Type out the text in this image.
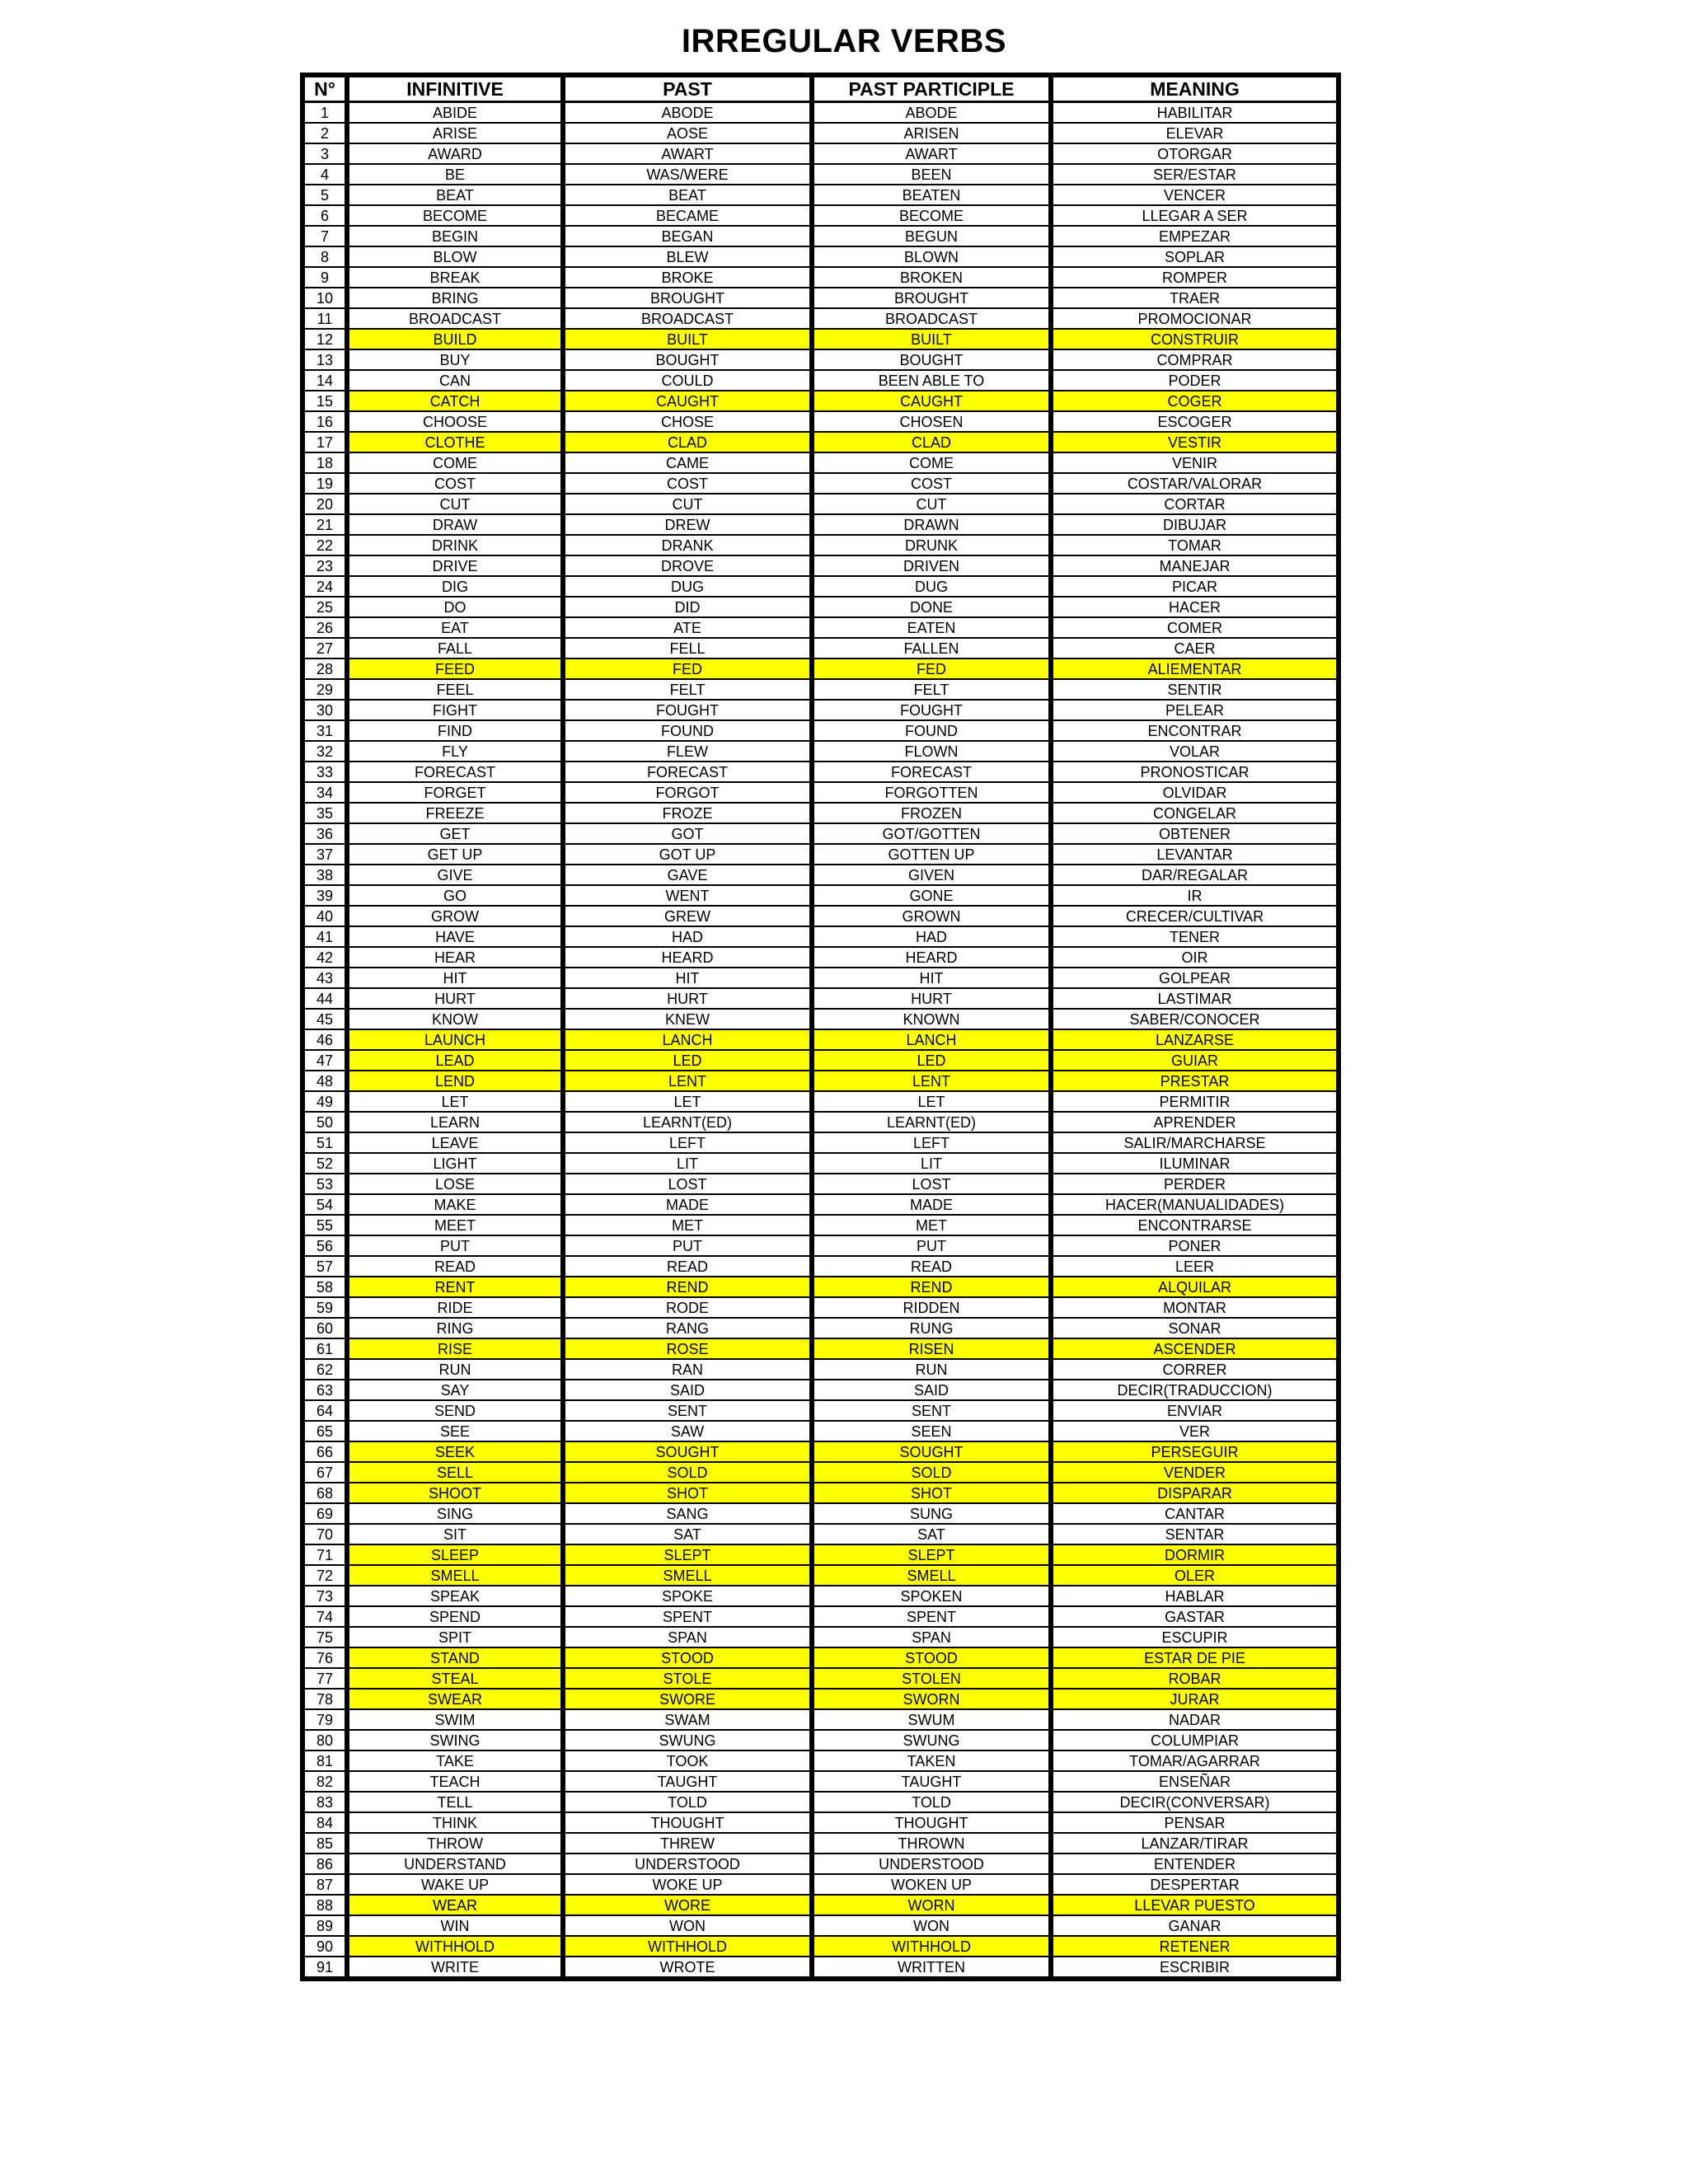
IRREGULAR VERBS
N°	INFINITIVE	PAST	PAST PARTICIPLE	MEANING
1	ABIDE	ABODE	ABODE	HABILITAR
2	ARISE	AOSE	ARISEN	ELEVAR
3	AWARD	AWART	AWART	OTORGAR
4	BE	WAS/WERE	BEEN	SER/ESTAR
5	BEAT	BEAT	BEATEN	VENCER
6	BECOME	BECAME	BECOME	LLEGAR A SER
7	BEGIN	BEGAN	BEGUN	EMPEZAR
8	BLOW	BLEW	BLOWN	SOPLAR
9	BREAK	BROKE	BROKEN	ROMPER
10	BRING	BROUGHT	BROUGHT	TRAER
11	BROADCAST	BROADCAST	BROADCAST	PROMOCIONAR
12	BUILD	BUILT	BUILT	CONSTRUIR
13	BUY	BOUGHT	BOUGHT	COMPRAR
14	CAN	COULD	BEEN ABLE TO	PODER
15	CATCH	CAUGHT	CAUGHT	COGER
16	CHOOSE	CHOSE	CHOSEN	ESCOGER
17	CLOTHE	CLAD	CLAD	VESTIR
18	COME	CAME	COME	VENIR
19	COST	COST	COST	COSTAR/VALORAR
20	CUT	CUT	CUT	CORTAR
21	DRAW	DREW	DRAWN	DIBUJAR
22	DRINK	DRANK	DRUNK	TOMAR
23	DRIVE	DROVE	DRIVEN	MANEJAR
24	DIG	DUG	DUG	PICAR
25	DO	DID	DONE	HACER
26	EAT	ATE	EATEN	COMER
27	FALL	FELL	FALLEN	CAER
28	FEED	FED	FED	ALIEMENTAR
29	FEEL	FELT	FELT	SENTIR
30	FIGHT	FOUGHT	FOUGHT	PELEAR
31	FIND	FOUND	FOUND	ENCONTRAR
32	FLY	FLEW	FLOWN	VOLAR
33	FORECAST	FORECAST	FORECAST	PRONOSTICAR
34	FORGET	FORGOT	FORGOTTEN	OLVIDAR
35	FREEZE	FROZE	FROZEN	CONGELAR
36	GET	GOT	GOT/GOTTEN	OBTENER
37	GET UP	GOT UP	GOTTEN UP	LEVANTAR
38	GIVE	GAVE	GIVEN	DAR/REGALAR
39	GO	WENT	GONE	IR
40	GROW	GREW	GROWN	CRECER/CULTIVAR
41	HAVE	HAD	HAD	TENER
42	HEAR	HEARD	HEARD	OIR
43	HIT	HIT	HIT	GOLPEAR
44	HURT	HURT	HURT	LASTIMAR
45	KNOW	KNEW	KNOWN	SABER/CONOCER
46	LAUNCH	LANCH	LANCH	LANZARSE
47	LEAD	LED	LED	GUIAR
48	LEND	LENT	LENT	PRESTAR
49	LET	LET	LET	PERMITIR
50	LEARN	LEARNT(ED)	LEARNT(ED)	APRENDER
51	LEAVE	LEFT	LEFT	SALIR/MARCHARSE
52	LIGHT	LIT	LIT	ILUMINAR
53	LOSE	LOST	LOST	PERDER
54	MAKE	MADE	MADE	HACER(MANUALIDADES)
55	MEET	MET	MET	ENCONTRARSE
56	PUT	PUT	PUT	PONER
57	READ	READ	READ	LEER
58	RENT	REND	REND	ALQUILAR
59	RIDE	RODE	RIDDEN	MONTAR
60	RING	RANG	RUNG	SONAR
61	RISE	ROSE	RISEN	ASCENDER
62	RUN	RAN	RUN	CORRER
63	SAY	SAID	SAID	DECIR(TRADUCCION)
64	SEND	SENT	SENT	ENVIAR
65	SEE	SAW	SEEN	VER
66	SEEK	SOUGHT	SOUGHT	PERSEGUIR
67	SELL	SOLD	SOLD	VENDER
68	SHOOT	SHOT	SHOT	DISPARAR
69	SING	SANG	SUNG	CANTAR
70	SIT	SAT	SAT	SENTAR
71	SLEEP	SLEPT	SLEPT	DORMIR
72	SMELL	SMELL	SMELL	OLER
73	SPEAK	SPOKE	SPOKEN	HABLAR
74	SPEND	SPENT	SPENT	GASTAR
75	SPIT	SPAN	SPAN	ESCUPIR
76	STAND	STOOD	STOOD	ESTAR DE PIE
77	STEAL	STOLE	STOLEN	ROBAR
78	SWEAR	SWORE	SWORN	JURAR
79	SWIM	SWAM	SWUM	NADAR
80	SWING	SWUNG	SWUNG	COLUMPIAR
81	TAKE	TOOK	TAKEN	TOMAR/AGARRAR
82	TEACH	TAUGHT	TAUGHT	ENSEÑAR
83	TELL	TOLD	TOLD	DECIR(CONVERSAR)
84	THINK	THOUGHT	THOUGHT	PENSAR
85	THROW	THREW	THROWN	LANZAR/TIRAR
86	UNDERSTAND	UNDERSTOOD	UNDERSTOOD	ENTENDER
87	WAKE UP	WOKE UP	WOKEN UP	DESPERTAR
88	WEAR	WORE	WORN	LLEVAR PUESTO
89	WIN	WON	WON	GANAR
90	WITHHOLD	WITHHOLD	WITHHOLD	RETENER
91	WRITE	WROTE	WRITTEN	ESCRIBIR
